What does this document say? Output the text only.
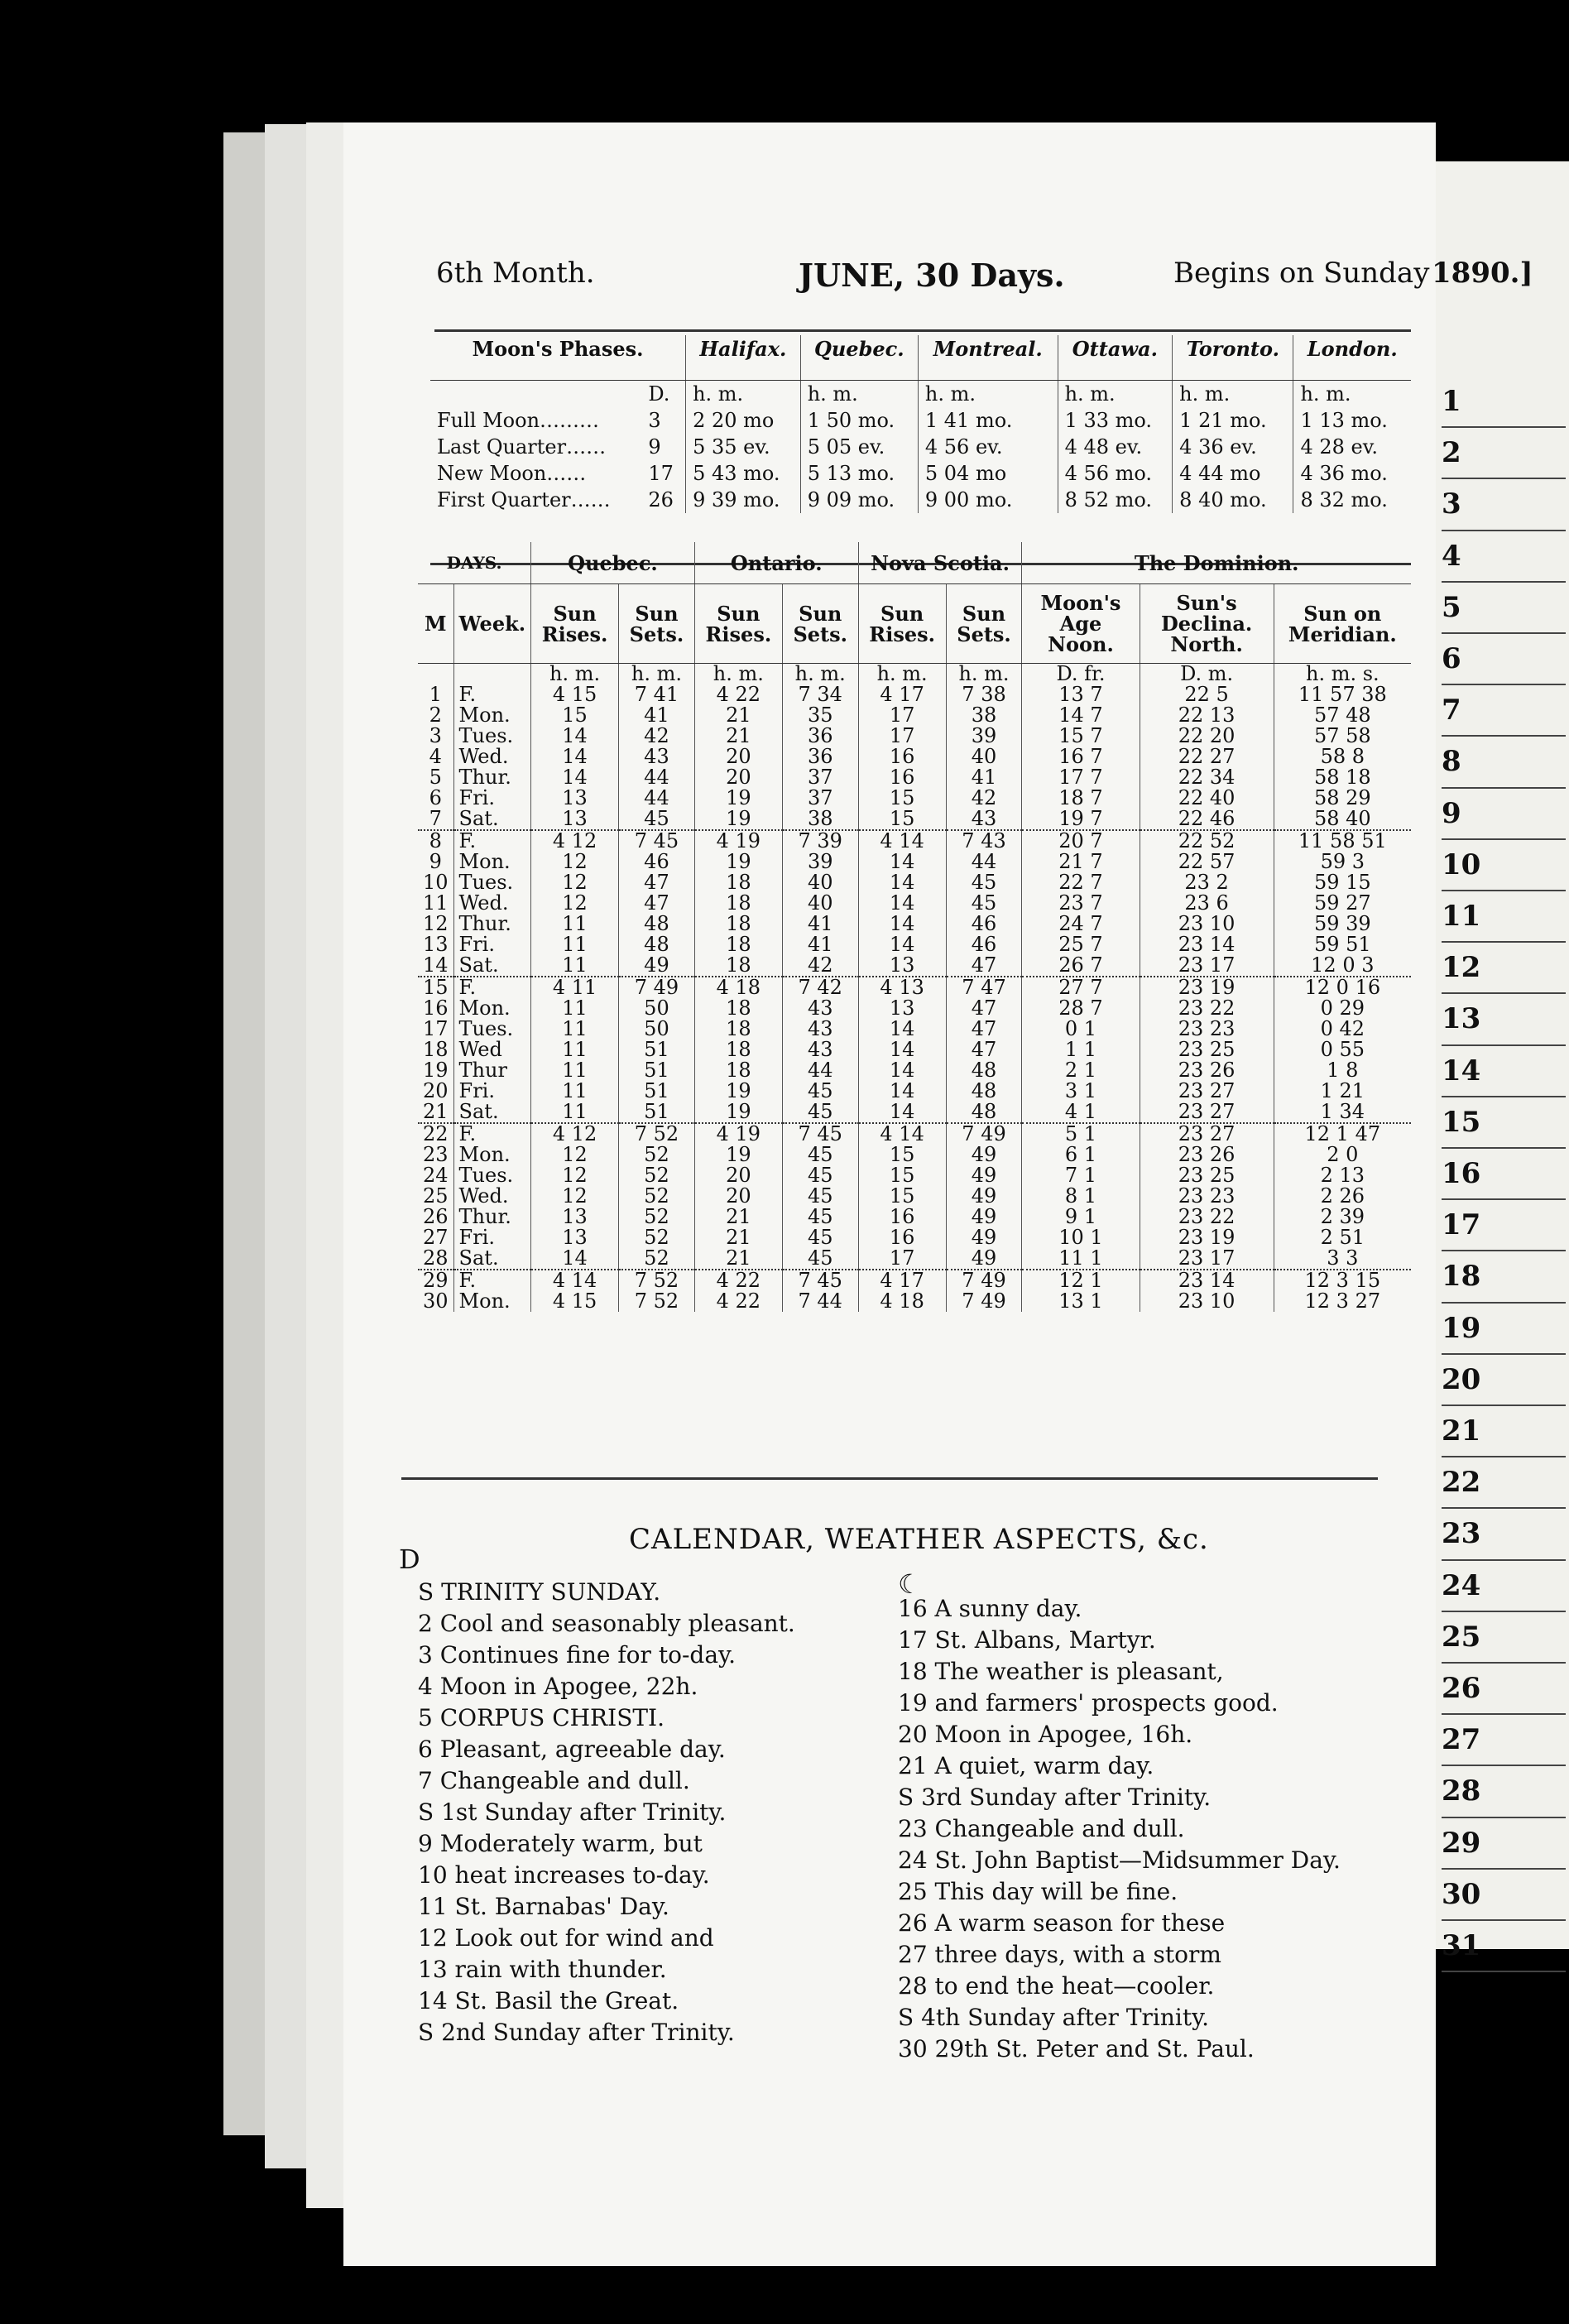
6th Month.	JUNE, 30 Days.	Begins on Sunday 1890.]
Moon's Phases.		Halifax.	Quebec.	Montreal.	Ottawa.	Toronto.	London.
	D.	h. m.	h. m.	h. m.	h. m.	h. m.	h. m.
Full Moon………	3	2 20 mo	1 50 mo.	1 41 mo.	1 33 mo.	1 21 mo.	1 13 mo.
Last Quarter……	9	5 35 ev.	5 05 ev.	4 56 ev.	4 48 ev.	4 36 ev.	4 28 ev.
New Moon……	17	5 43 mo.	5 13 mo.	5 04 mo	4 56 mo.	4 44 mo	4 36 mo.
First Quarter……	26	9 39 mo.	9 09 mo.	9 00 mo.	8 52 mo.	8 40 mo.	8 32 mo.
DAYS.		Quebec.		Ontario.		Nova Scotia.		The Dominion.		
M	Week.	Sun Rises.	Sun Sets.	Sun Rises.	Sun Sets.	Sun Rises.	Sun Sets.	Moon's Age Noon.	Sun's Declina. North.	Sun on Meridian.
		h. m.	h. m.	h. m.	h. m.	h. m.	h. m.	D. fr.	D. m.	h. m. s.
1	F.	4 15	7 41	4 22	7 34	4 17	7 38	13 7	22 5	11 57 38
2	Mon.	15	41	21	35	17	38	14 7	22 13	57 48
3	Tues.	14	42	21	36	17	39	15 7	22 20	57 58
4	Wed.	14	43	20	36	16	40	16 7	22 27	58 8
5	Thur.	14	44	20	37	16	41	17 7	22 34	58 18
6	Fri.	13	44	19	37	15	42	18 7	22 40	58 29
7	Sat.	13	45	19	38	15	43	19 7	22 46	58 40
8	F.	4 12	7 45	4 19	7 39	4 14	7 43	20 7	22 52	11 58 51
9	Mon.	12	46	19	39	14	44	21 7	22 57	59 3
10	Tues.	12	47	18	40	14	45	22 7	23 2	59 15
11	Wed.	12	47	18	40	14	45	23 7	23 6	59 27
12	Thur.	11	48	18	41	14	46	24 7	23 10	59 39
13	Fri.	11	48	18	41	14	46	25 7	23 14	59 51
14	Sat.	11	49	18	42	13	47	26 7	23 17	12 0 3
15	F.	4 11	7 49	4 18	7 42	4 13	7 47	27 7	23 19	12 0 16
16	Mon.	11	50	18	43	13	47	28 7	23 22	0 29
17	Tues.	11	50	18	43	14	47	0 1	23 23	0 42
18	Wed	11	51	18	43	14	47	1 1	23 25	0 55
19	Thur	11	51	18	44	14	48	2 1	23 26	1 8
20	Fri.	11	51	19	45	14	48	3 1	23 27	1 21
21	Sat.	11	51	19	45	14	48	4 1	23 27	1 34
22	F.	4 12	7 52	4 19	7 45	4 14	7 49	5 1	23 27	12 1 47
23	Mon.	12	52	19	45	15	49	6 1	23 26	2 0
24	Tues.	12	52	20	45	15	49	7 1	23 25	2 13
25	Wed.	12	52	20	45	15	49	8 1	23 23	2 26
26	Thur.	13	52	21	45	16	49	9 1	23 22	2 39
27	Fri.	13	52	21	45	16	49	10 1	23 19	2 51
28	Sat.	14	52	21	45	17	49	11 1	23 17	3 3
29	F.	4 14	7 52	4 22	7 45	4 17	7 49	12 1	23 14	12 3 15
30	Mon.	4 15	7 52	4 22	7 44	4 18	7 49	13 1	23 10	12 3 27
CALENDAR, WEATHER ASPECTS, &c.
D
☾
S TRINITY SUNDAY.
2 Cool and seasonably pleasant.
3 Continues fine for to-day.
4 Moon in Apogee, 22h.
5 CORPUS CHRISTI.
6 Pleasant, agreeable day.
7 Changeable and dull.
S 1st Sunday after Trinity.
9 Moderately warm, but
10 heat increases to-day.
11 St. Barnabas' Day.
12 Look out for wind and
13 rain with thunder.
14 St. Basil the Great.
S 2nd Sunday after Trinity.
16 A sunny day.
17 St. Albans, Martyr.
18 The weather is pleasant,
19 and farmers' prospects good.
20 Moon in Apogee, 16h.
21 A quiet, warm day.
S 3rd Sunday after Trinity.
23 Changeable and dull.
24 St. John Baptist—Midsummer Day.
25 This day will be fine.
26 A warm season for these
27 three days, with a storm
28 to end the heat—cooler.
S 4th Sunday after Trinity.
30 29th St. Peter and St. Paul.
1
2
3
4
5
6
7
8
9
10
11
12
13
14
15
16
17
18
19
20
21
22
23
24
25
26
27
28
29
30
31
